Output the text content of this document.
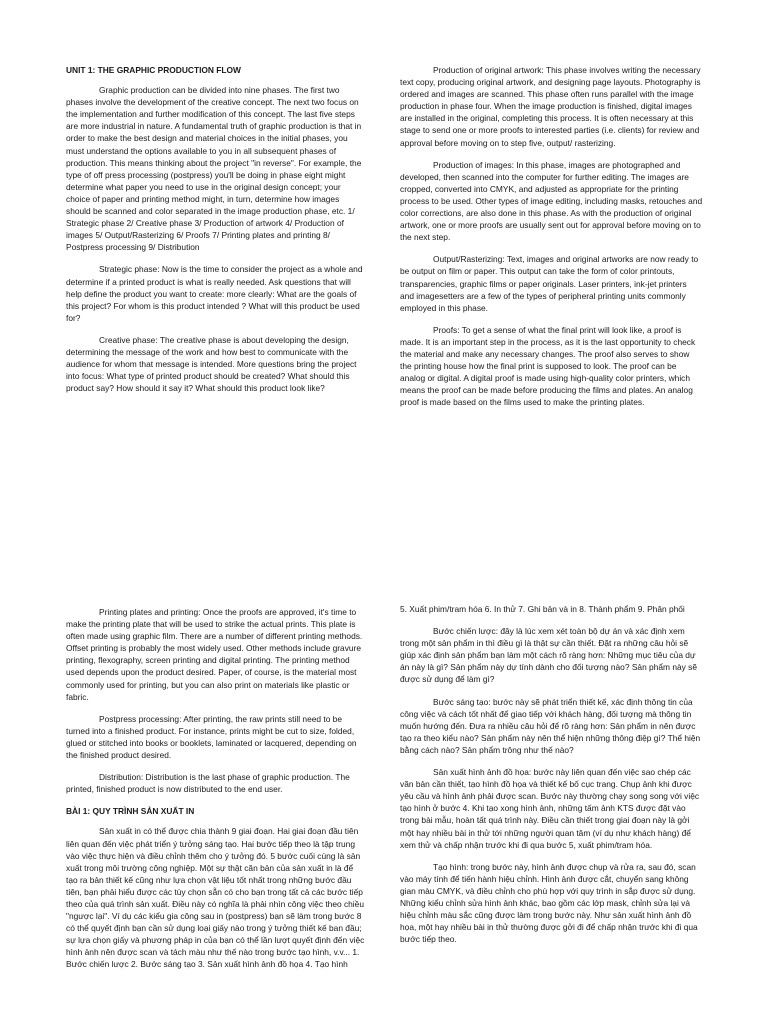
UNIT 1: THE GRAPHIC PRODUCTION FLOW

Graphic production can be divided into nine phases. The first two phases involve the development of the creative concept. The next two focus on the implementation and further modification of this concept. The last five steps are more industrial in nature. A fundamental truth of graphic production is that in order to make the best design and material choices in the initial phases, you must understand the options available to you in all subsequent phases of production. This means thinking about the project "in reverse". For example, the type of off press processing (postpress) you'll be doing in phase eight might determine what paper you need to use in the original design concept; your choice of paper and printing method might, in turn, determine how images should be scanned and color separated in the image production phase, etc. 1/ Strategic phase 2/ Creative phase 3/ Production of artwork 4/ Production of images 5/ Output/Rasterizing 6/ Proofs 7/ Printing plates and printing 8/ Postpress processing 9/ Distribution

Strategic phase: Now is the time to consider the project as a whole and determine if a printed product is what is really needed. Ask questions that will help define the product you want to create: more clearly: What are the goals of this project? For whom is this product intended ? What will this product be used for?

Creative phase: The creative phase is about developing the design, determining the message of the work and how best to communicate with the audience for whom that message is intended. More questions bring the project into focus: What type of printed product should be created? What should this product say? How should it say it? What should this product look like?

Production of original artwork: This phase involves writing the necessary text copy, producing original artwork, and designing page layouts. Photography is ordered and images are scanned. This phase often runs parallel with the image production in phase four. When the image production is finished, digital images are installed in the original, completing this process. It is often necessary at this stage to send one or more proofs to interested parties (i.e. clients) for review and approval before moving on to step five, output/ rasterizing.

Production of images: In this phase, images are photographed and developed, then scanned into the computer for further editing. The images are cropped, converted into CMYK, and adjusted as appropriate for the printing process to be used. Other types of image editing, including masks, retouches and color corrections, are also done in this phase. As with the production of original artwork, one or more proofs are usually sent out for approval before moving on to the next step.

Output/Rasterizing: Text, images and original artworks are now ready to be output on film or paper. This output can take the form of color printouts, transparencies, graphic films or paper originals. Laser printers, ink-jet printers and imagesetters are a few of the types of peripheral printing units commonly employed in this phase.

Proofs: To get a sense of what the final print will look like, a proof is made. It is an important step in the process, as it is the last opportunity to check the material and make any necessary changes. The proof also serves to show the printing house how the final print is supposed to look. The proof can be analog or digital. A digital proof is made using high-quality color printers, which means the proof can be made before producing the films and plates. An analog proof is made based on the films used to make the printing plates.

Printing plates and printing: Once the proofs are approved, it's time to make the printing plate that will be used to strike the actual prints. This plate is often made using graphic film. There are a number of different printing methods. Offset printing is probably the most widely used. Other methods include gravure printing, flexography, screen printing and digital printing. The printing method used depends upon the product desired. Paper, of course, is the material most commonly used for printing, but you can also print on materials like plastic or fabric.

Postpress processing: After printing, the raw prints still need to be turned into a finished product. For instance, prints might be cut to size, folded, glued or stitched into books or booklets, laminated or lacquered, depending on the finished product desired.

Distribution: Distribution is the last phase of graphic production. The printed, finished product is now distributed to the end user.

BÀI 1: QUY TRÌNH SẢN XUẤT IN

Sản xuất in có thể được chia thành 9 giai đoạn. Hai giai đoạn đầu tiên liên quan đến việc phát triển ý tưởng sáng tạo. Hai bước tiếp theo là tập trung vào việc thực hiện và điều chỉnh thêm cho ý tưởng đó. 5 bước cuối cùng là sản xuất trong môi trường công nghiệp. Một sự thật căn bản của sản xuất in là để tạo ra bản thiết kế cũng như lựa chọn vật liệu tốt nhất trong những bước đầu tiên, bạn phải hiểu được các tùy chọn sẵn có cho bạn trong tất cả các bước tiếp theo của quá trình sản xuất. Điều này có nghĩa là phải nhìn công việc theo chiều "ngược lại". Ví dụ các kiểu gia công sau in (postpress) bạn sẽ làm trong bước 8 có thể quyết định bạn cần sử dụng loại giấy nào trong ý tưởng thiết kế ban đầu; sự lựa chọn giấy và phương pháp in của bạn có thể lần lượt quyết định đến việc hình ảnh nên được scan và tách màu như thế nào trong bước tạo hình, v.v... 1. Bước chiến lược 2. Bước sáng tạo 3. Sản xuất hình ảnh đồ họa 4. Tạo hình

5. Xuất phim/tram hóa 6. In thử 7. Ghi bản và in 8. Thành phẩm 9. Phân phối

Bước chiến lược: đây là lúc xem xét toàn bộ dự án và xác định xem trong một sản phẩm in thì điều gì là thật sự cần thiết. Đặt ra những câu hỏi sẽ giúp xác định sản phẩm bạn làm một cách rõ ràng hơn: Những mục tiêu của dự án này là gì? Sản phẩm này dự tính dành cho đối tượng nào? Sản phẩm này sẽ được sử dụng để làm gì?

Bước sáng tạo: bước này sẽ phát triển thiết kế, xác định thông tin của công việc và cách tốt nhất để giao tiếp với khách hàng, đối tượng mà thông tin muốn hướng đến. Đưa ra nhiều câu hỏi để rõ ràng hơn: Sản phẩm in nên được tạo ra theo kiểu nào? Sản phẩm này nên thể hiện những thông điệp gì? Thể hiện bằng cách nào? Sản phẩm trông như thế nào?

Sản xuất hình ảnh đồ họa: bước này liên quan đến việc sao chép các văn bản cần thiết, tạo hình đồ họa và thiết kế bố cục trang. Chụp ảnh khi được yêu cầu và hình ảnh phải được scan. Bước này thường chạy song song với việc tạo hình ở bước 4. Khi tạo xong hình ảnh, những tấm ảnh KTS được đặt vào trong bài mẫu, hoàn tất quá trình này. Điều cần thiết trong giai đoạn này là gởi một hay nhiều bài in thử tới những người quan tâm (ví dụ như khách hàng) để xem thử và chấp nhận trước khi đi qua bước 5, xuất phim/tram hóa.

Tạo hình: trong bước này, hình ảnh được chụp và rửa ra, sau đó, scan vào máy tính để tiến hành hiệu chỉnh. Hình ảnh được cắt, chuyển sang không gian màu CMYK, và điều chỉnh cho phù hợp với quy trình in sắp được sử dụng. Những kiểu chỉnh sửa hình ảnh khác, bao gồm các lớp mask, chỉnh sửa lại và hiệu chỉnh màu sắc cũng được làm trong bước này. Như sản xuất hình ảnh đồ họa, một hay nhiều bài in thử thường được gởi đi để chấp nhận trước khi đi qua bước tiếp theo.
